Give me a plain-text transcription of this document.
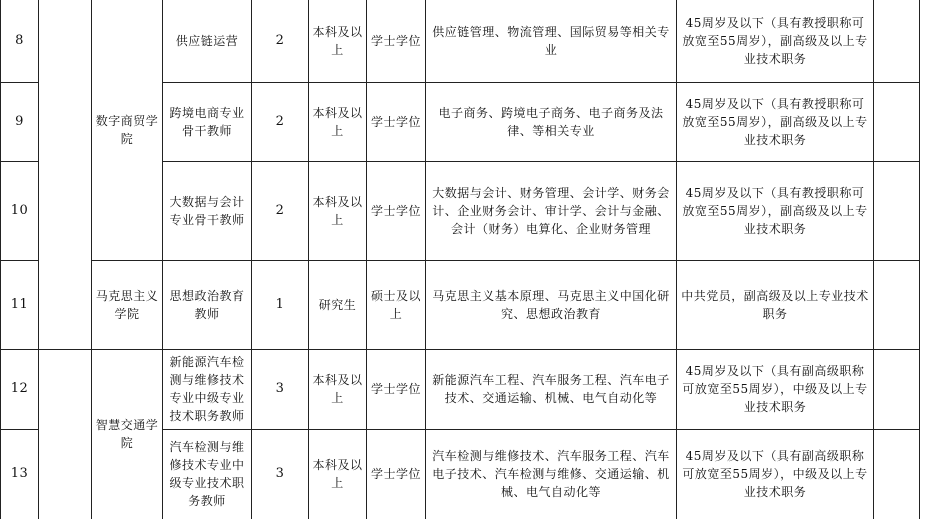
8		数字商贸学院	供应链运营	2	本科及以上	学士学位	供应链管理、物流管理、国际贸易等相关专业	45周岁及以下（具有教授职称可放宽至55周岁），副高级及以上专业技术职务	
9			跨境电商专业骨干教师	2	本科及以上	学士学位	电子商务、跨境电子商务、电子商务及法律、等相关专业	45周岁及以下（具有教授职称可放宽至55周岁），副高级及以上专业技术职务	
10			大数据与会计专业骨干教师	2	本科及以上	学士学位	大数据与会计、财务管理、会计学、财务会计、企业财务会计、审计学、会计与金融、会计（财务）电算化、企业财务管理	45周岁及以下（具有教授职称可放宽至55周岁），副高级及以上专业技术职务	
11		马克思主义学院	思想政治教育教师	1	研究生	硕士及以上	马克思主义基本原理、马克思主义中国化研究、思想政治教育	中共党员，副高级及以上专业技术职务	
12		智慧交通学院	新能源汽车检测与维修技术专业中级专业技术职务教师	3	本科及以上	学士学位	新能源汽车工程、汽车服务工程、汽车电子技术、交通运输、机械、电气自动化等	45周岁及以下（具有副高级职称可放宽至55周岁），中级及以上专业技术职务	
13			汽车检测与维修技术专业中级专业技术职务教师	3	本科及以上	学士学位	汽车检测与维修技术、汽车服务工程、汽车电子技术、汽车检测与维修、交通运输、机械、电气自动化等	45周岁及以下（具有副高级职称可放宽至55周岁），中级及以上专业技术职务	
